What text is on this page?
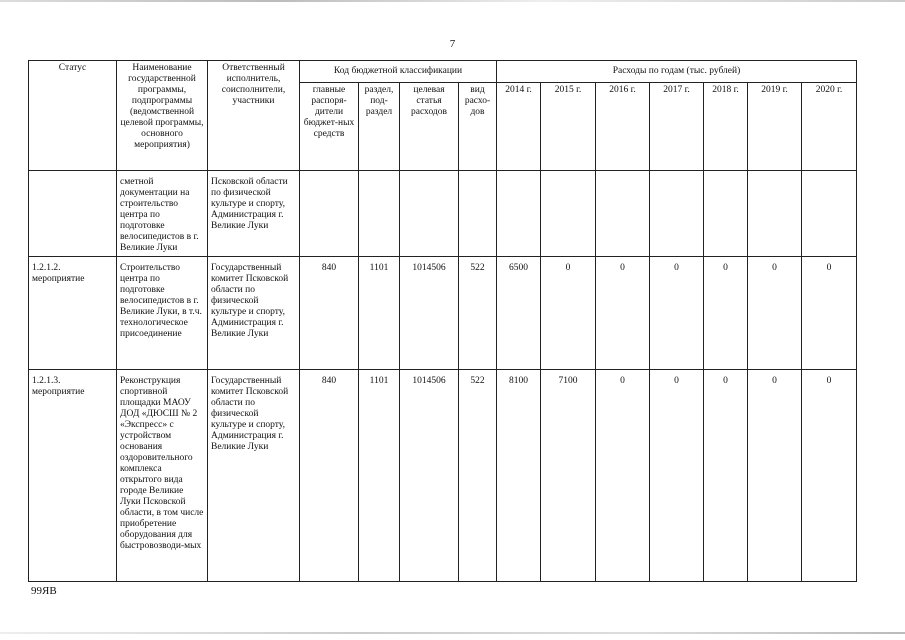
7
Статус	Наименование государственной программы, подпрограммы (ведомственной целевой программы, основного мероприятия)	Ответственный исполнитель, соисполнители, участники	Код бюджетной классификации				Расходы по годам (тыс. рублей)						
			главные распоря-дители бюджет-ных средств	раздел, под-раздел	целевая статья расходов	вид расхо-дов	2014 г.	2015 г.	2016 г.	2017 г.	2018 г.	2019 г.	2020 г.
	сметной документации на строительство центра по подготовке велосипедистов в г. Великие Луки	Псковской области по физической культуре и спорту, Администрация г. Великие Луки											
1.2.1.2. мероприятие	Строительство центра по подготовке велосипедистов в г. Великие Луки, в т.ч. технологическое присоединение	Государственный комитет Псковской области по физической культуре и спорту, Администрация г. Великие Луки	840	1101	1014506	522	6500	0	0	0	0	0	0
1.2.1.3. мероприятие	Реконструкция спортивной площадки МАОУ ДОД «ДЮСШ № 2 «Экспресс» с устройством основания оздоровительного комплекса открытого вида городе Великие Луки Псковской области, в том числе приобретение оборудования для быстровозводи-мых	Государственный комитет Псковской области по физической культуре и спорту, Администрация г. Великие Луки	840	1101	1014506	522	8100	7100	0	0	0	0	0
99ЯВ
